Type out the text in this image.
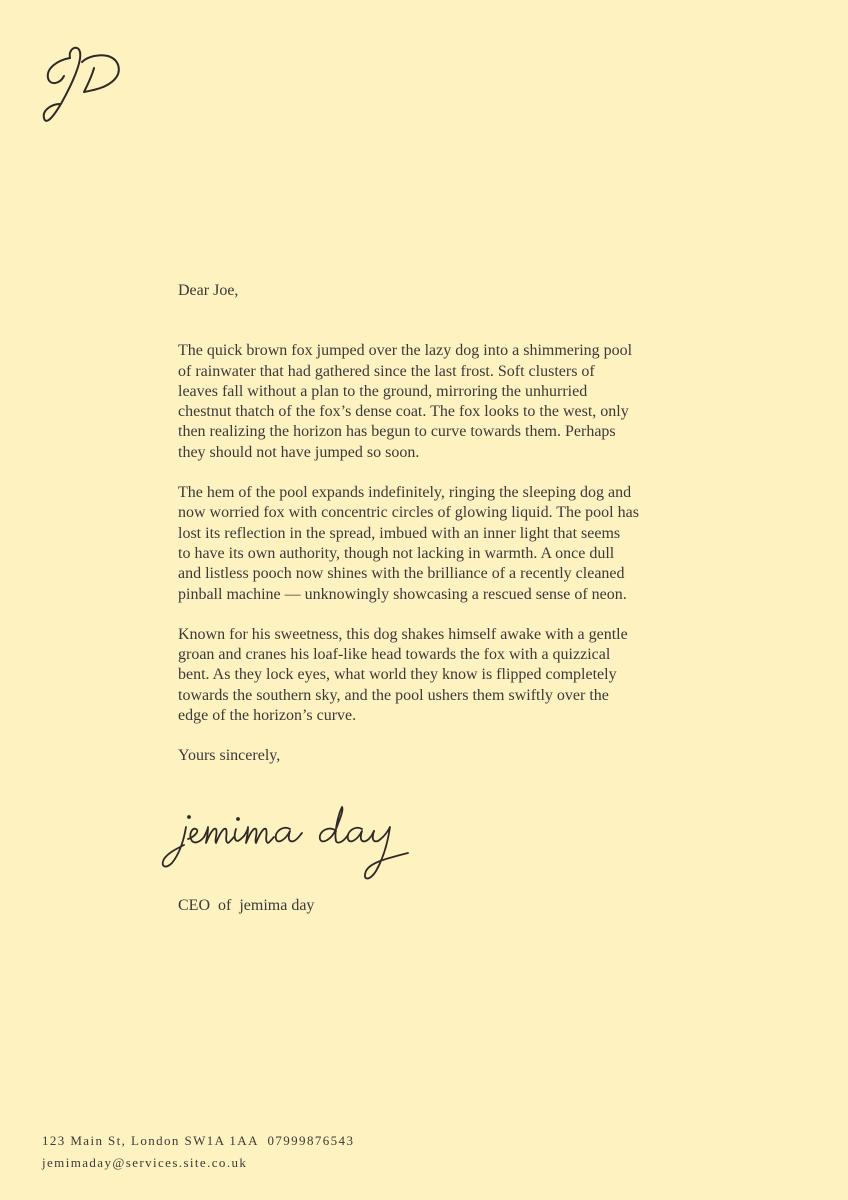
Dear Joe,

The quick brown fox jumped over the lazy dog into a shimmering pool
of rainwater that had gathered since the last frost. Soft clusters of
leaves fall without a plan to the ground, mirroring the unhurried
chestnut thatch of the fox’s dense coat. The fox looks to the west, only
then realizing the horizon has begun to curve towards them. Perhaps
they should not have jumped so soon.

The hem of the pool expands indefinitely, ringing the sleeping dog and
now worried fox with concentric circles of glowing liquid. The pool has
lost its reflection in the spread, imbued with an inner light that seems
to have its own authority, though not lacking in warmth. A once dull
and listless pooch now shines with the brilliance of a recently cleaned
pinball machine — unknowingly showcasing a rescued sense of neon.

Known for his sweetness, this dog shakes himself awake with a gentle
groan and cranes his loaf-like head towards the fox with a quizzical
bent. As they lock eyes, what world they know is flipped completely
towards the southern sky, and the pool ushers them swiftly over the
edge of the horizon’s curve.

Yours sincerely,

CEO  of  jemima day
123 Main St, London SW1A 1AA  07999876543
jemimaday@services.site.co.uk
